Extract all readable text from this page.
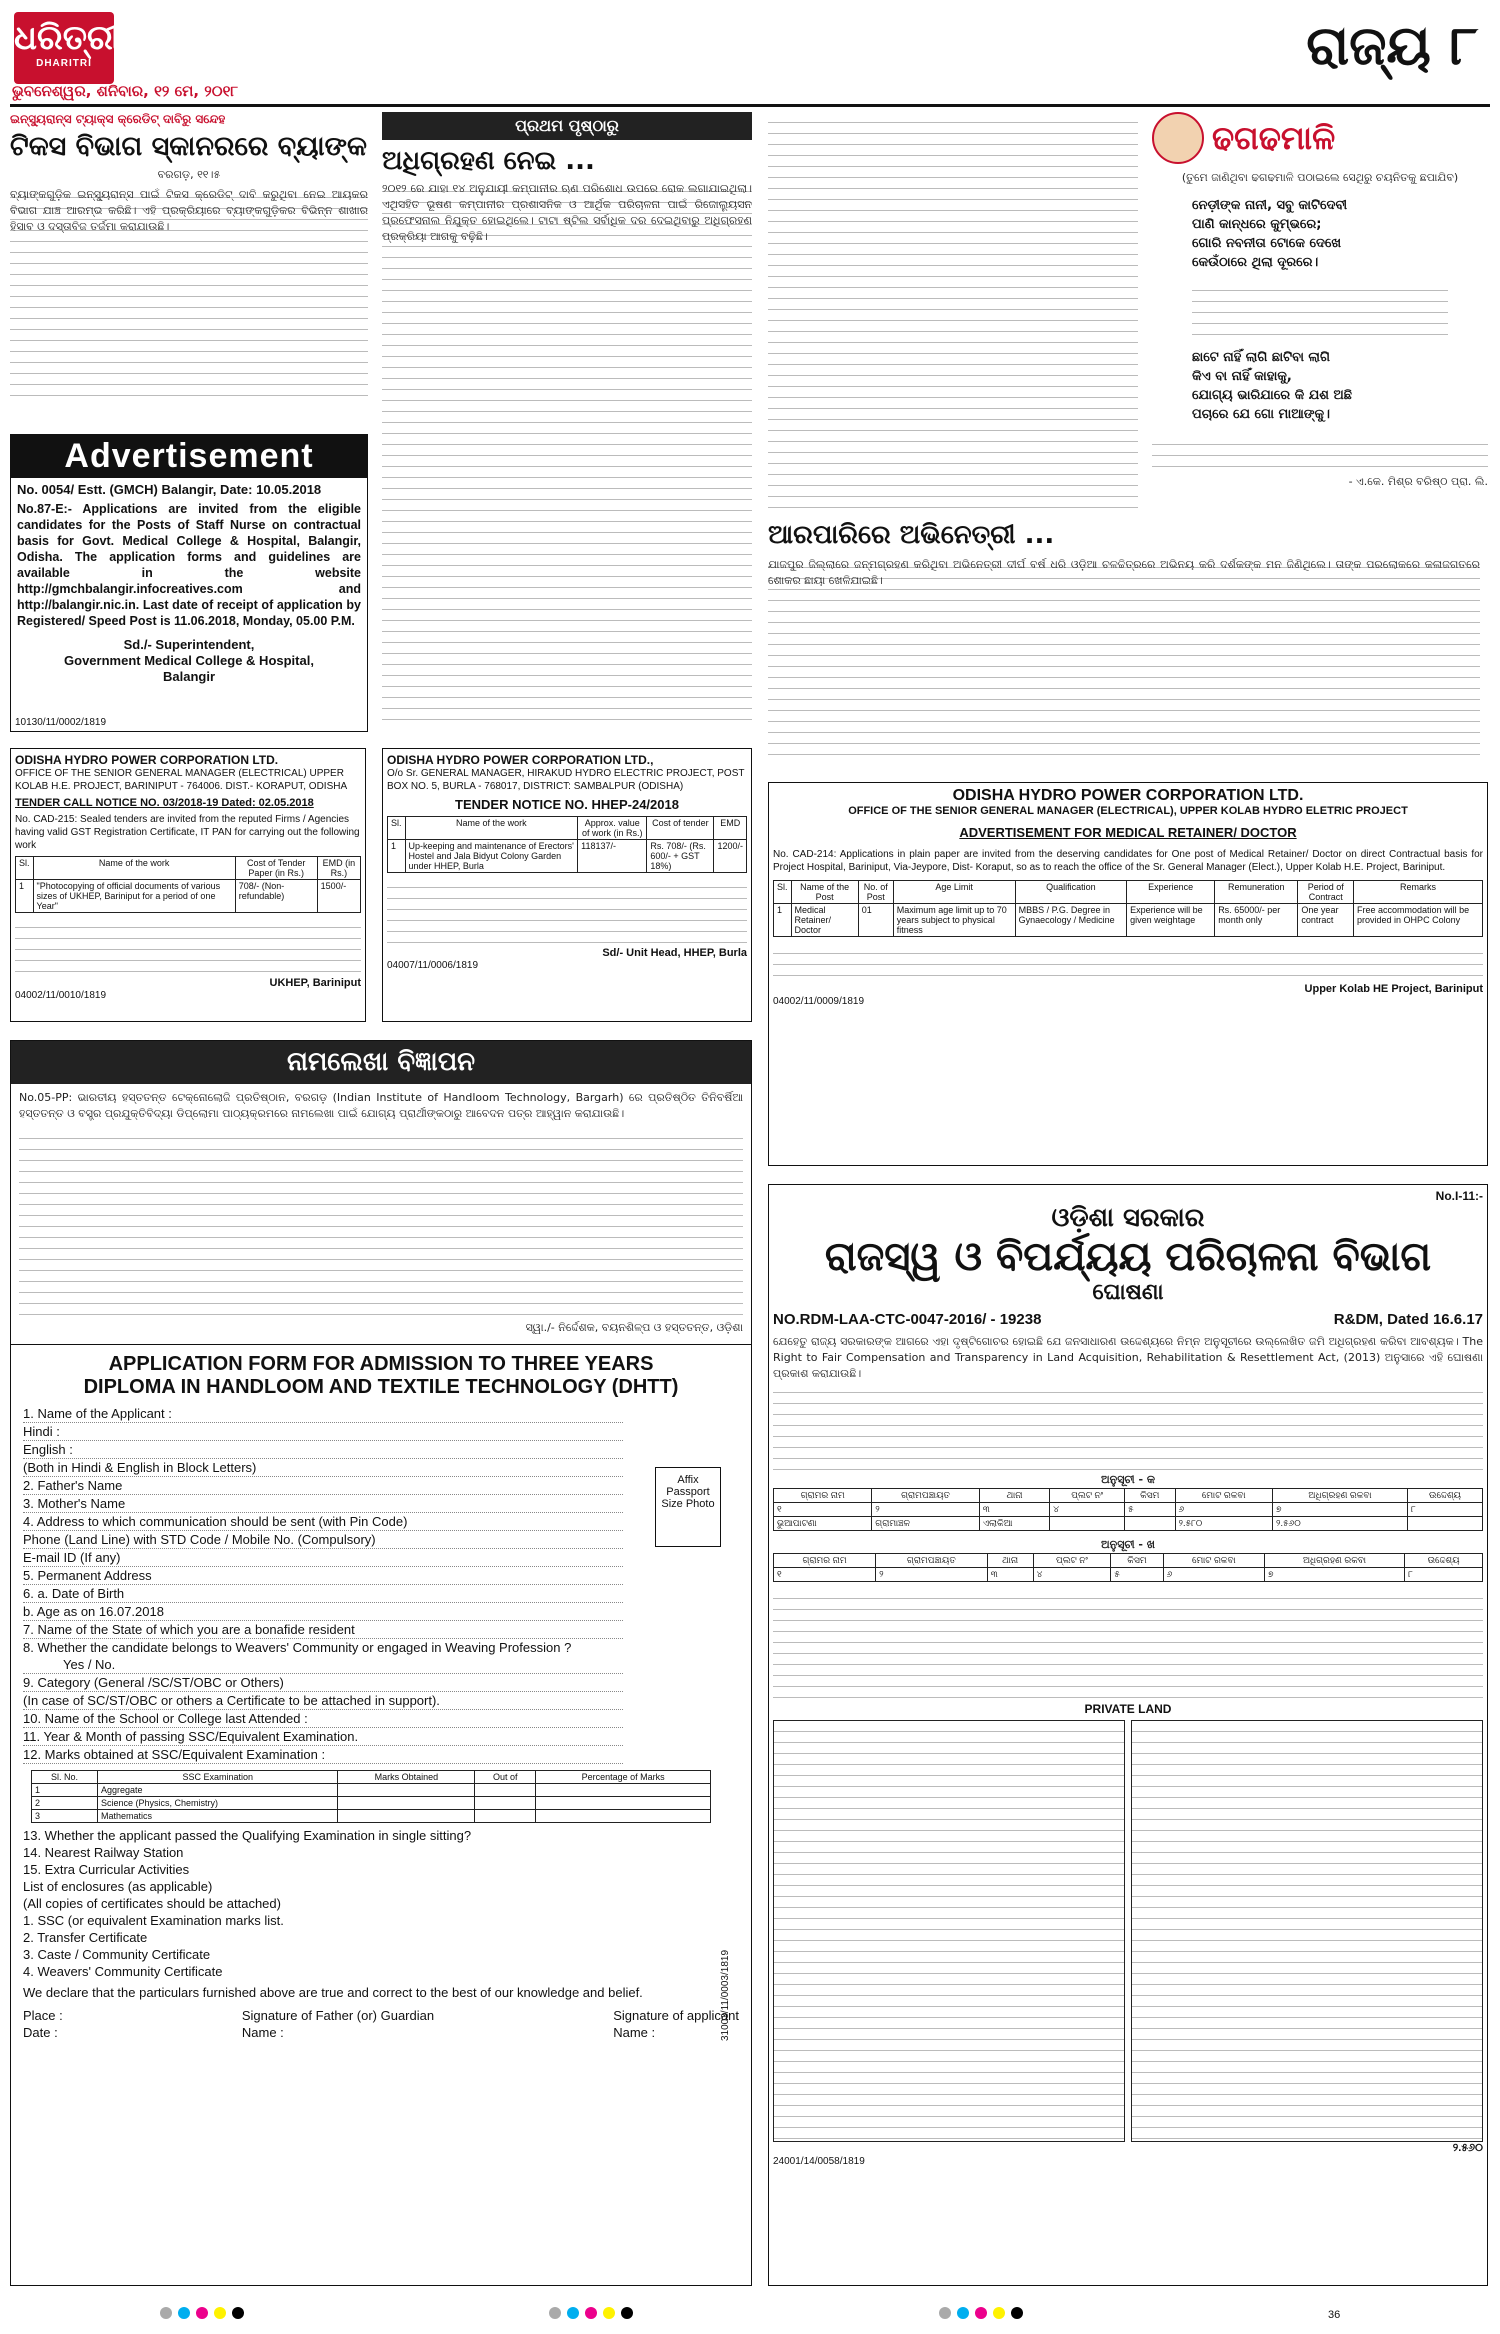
ଧରିତ୍ରୀ
DHARITRI
ଭୁବନେଶ୍ୱର, ଶନିବାର, ୧୨ ମେ, ୨୦୧୮
ରାଜ୍ୟ ୮
ଇନ୍ସ୍ୟୁରାନ୍ସ ଟ୍ୟାକ୍ସ କ୍ରେଡିଟ୍ ଦାବିରୁ ସନ୍ଦେହ
ଟିକସ ବିଭାଗ ସ୍କାନରରେ ବ୍ୟାଙ୍କ
ବରଗଡ଼, ୧୧।୫
ବ୍ୟାଙ୍କଗୁଡ଼ିକ ଇନ୍ସ୍ୟୁରାନ୍ସ ପାଇଁ ଟିକସ କ୍ରେଡିଟ୍ ଦାବି କରୁଥିବା ନେଇ ଆୟକର ବିଭାଗ ଯାଞ୍ଚ ଆରମ୍ଭ କରିଛି। ଏହି ପ୍ରକ୍ରିୟାରେ ବ୍ୟାଙ୍କଗୁଡ଼ିକର ବିଭିନ୍ନ ଶାଖାର ହିସାବ ଓ ଦସ୍ତାବିଜ ତର୍ଜମା କରାଯାଉଛି।
Advertisement
No. 0054/ Estt. (GMCH) Balangir, Date: 10.05.2018
No.87-E:- Applications are invited from the eligible candidates for the Posts of Staff Nurse on contractual basis for Govt. Medical College & Hospital, Balangir, Odisha. The application forms and guidelines are available in the website http://gmchbalangir.infocreatives.com and http://balangir.nic.in. Last date of receipt of application by Registered/ Speed Post is 11.06.2018, Monday, 05.00 P.M.
Sd./- Superintendent,
Government Medical College & Hospital,
Balangir
10130/11/0002/1819
ପ୍ରଥମ ପୃଷ୍ଠାରୁ
ଅଧିଗ୍ରହଣ ନେଇ ...
୨୦୧୨ ରେ ଯାହା ୧୪ ଅନୁଯାୟୀ କମ୍ପାନୀର ଋଣ ପରିଶୋଧ ଉପରେ ରୋକ ଲଗାଯାଇଥିଲା। ଏଥିସହିତ ଭୂଷଣ କମ୍ପାନୀର ପ୍ରଶାସନିକ ଓ ଆର୍ଥିକ ପରିଚାଳନା ପାଇଁ ରିଜୋଲ୍ୟୁସନ ପ୍ରଫେସନାଲ ନିଯୁକ୍ତ ହୋଇଥିଲେ। ଟାଟା ଷ୍ଟିଲ ସର୍ବାଧିକ ଦର ଦେଇଥିବାରୁ ଅଧିଗ୍ରହଣ ପ୍ରକ୍ରିୟା ଆଗକୁ ବଢ଼ିଛି।
ଆରପାରିରେ ଅଭିନେତ୍ରୀ ...
ଯାଜପୁର ଜିଲ୍ଲାରେ ଜନ୍ମଗ୍ରହଣ କରିଥିବା ଅଭିନେତ୍ରୀ ଦୀର୍ଘ ବର୍ଷ ଧରି ଓଡ଼ିଆ ଚଳଚ୍ଚିତ୍ରରେ ଅଭିନୟ କରି ଦର୍ଶକଙ୍କ ମନ ଜିଣିଥିଲେ। ତାଙ୍କ ପରଲୋକରେ କଳାଜଗତରେ ଶୋକର ଛାୟା ଖେଳିଯାଇଛି।
ଢଗଢମାଳି
(ତୁମେ ଜାଣିଥିବା ଢଗଢମାଳି ପଠାଇଲେ ସେଥିରୁ ଚୟନିତକୁ ଛପାଯିବ)
ନେଡ଼ୀଙ୍କ ନାନୀ, ସବୁ କାଟିଦେବୀ
ପାଣି କାନ୍ଧରେ କୁମ୍ଭରେ;
ଗୋରି ନବନୀତା ଟୋକେ ଦେଖେ
କେଉଁଠାରେ ଥିଲା ଦୂରରେ।
ଛାଟେ ନାହିଁ ଲାଗି ଛାଟିବା ଲାଗି
କିଏ ବା ନାହିଁ କାହାକୁ,
ଯୋଗ୍ୟ ଭାରିଯାରେ କି ଯଶ ଅଛି
ପଚାରେ ଯେ ଗୋ ମାଆଙ୍କୁ।
- ଏ.କେ. ମିଶ୍ର ବରିଷ୍ଠ ପ୍ରା. ଲି.
ODISHA HYDRO POWER CORPORATION LTD.
OFFICE OF THE SENIOR GENERAL MANAGER (ELECTRICAL) UPPER KOLAB H.E. PROJECT, BARINIPUT - 764006. DIST.- KORAPUT, ODISHA
TENDER CALL NOTICE NO. 03/2018-19 Dated: 02.05.2018
No. CAD-215: Sealed tenders are invited from the reputed Firms / Agencies having valid GST Registration Certificate, IT PAN for carrying out the following work
Sl.	Name of the work	Cost of Tender Paper (in Rs.)	EMD (in Rs.)
1	"Photocopying of official documents of various sizes of UKHEP, Bariniput for a period of one Year"	708/- (Non-refundable)	1500/-
UKHEP, Bariniput
04002/11/0010/1819
ODISHA HYDRO POWER CORPORATION LTD.,
O/o Sr. GENERAL MANAGER, HIRAKUD HYDRO ELECTRIC PROJECT, POST BOX NO. 5, BURLA - 768017, DISTRICT: SAMBALPUR (ODISHA)
TENDER NOTICE NO. HHEP-24/2018
Sl.	Name of the work	Approx. value of work (in Rs.)	Cost of tender	EMD
1	Up-keeping and maintenance of Erectors' Hostel and Jala Bidyut Colony Garden under HHEP, Burla	118137/-	Rs. 708/- (Rs. 600/- + GST 18%)	1200/-
Sd/- Unit Head, HHEP, Burla
04007/11/0006/1819
ODISHA HYDRO POWER CORPORATION LTD.
OFFICE OF THE SENIOR GENERAL MANAGER (ELECTRICAL), UPPER KOLAB HYDRO ELETRIC PROJECT
ADVERTISEMENT FOR MEDICAL RETAINER/ DOCTOR
No. CAD-214: Applications in plain paper are invited from the deserving candidates for One post of Medical Retainer/ Doctor on direct Contractual basis for Project Hospital, Bariniput, Via-Jeypore, Dist- Koraput, so as to reach the office of the Sr. General Manager (Elect.), Upper Kolab H.E. Project, Bariniput.
Sl.	Name of the Post	No. of Post	Age Limit	Qualification	Experience	Remuneration	Period of Contract	Remarks
1	Medical Retainer/ Doctor	01	Maximum age limit up to 70 years subject to physical fitness	MBBS / P.G. Degree in Gynaecology / Medicine	Experience will be given weightage	Rs. 65000/- per month only	One year contract	Free accommodation will be provided in OHPC Colony
Upper Kolab HE Project, Bariniput
04002/11/0009/1819
ନାମଲେଖା ବିଜ୍ଞାପନ
No.05-PP: ଭାରତୀୟ ହସ୍ତତନ୍ତ ଟେକ୍ନୋଲୋଜି ପ୍ରତିଷ୍ଠାନ, ବରଗଡ଼ (Indian Institute of Handloom Technology, Bargarh) ରେ ପ୍ରତିଷ୍ଠିତ ତିନିବର୍ଷିଆ ହସ୍ତତନ୍ତ ଓ ବସ୍ତ୍ର ପ୍ରଯୁକ୍ତିବିଦ୍ୟା ଡିପ୍ଲୋମା ପାଠ୍ୟକ୍ରମରେ ନାମଲେଖା ପାଇଁ ଯୋଗ୍ୟ ପ୍ରାର୍ଥୀଙ୍କଠାରୁ ଆବେଦନ ପତ୍ର ଆହ୍ୱାନ କରାଯାଉଛି।
ସ୍ୱା./- ନିର୍ଦ୍ଦେଶକ, ବୟନଶିଳ୍ପ ଓ ହସ୍ତତନ୍ତ, ଓଡ଼ିଶା
APPLICATION FORM FOR ADMISSION TO THREE YEARS
DIPLOMA IN HANDLOOM AND TEXTILE TECHNOLOGY (DHTT)
Affix Passport Size Photo
1. Name of the Applicant :
Hindi :
English :
(Both in Hindi & English in Block Letters)
2. Father's Name
3. Mother's Name
4. Address to which communication should be sent (with Pin Code)
Phone (Land Line) with STD Code / Mobile No. (Compulsory)
E-mail ID (If any)
5. Permanent Address
6. a. Date of Birth
b. Age as on 16.07.2018
7. Name of the State of which you are a bonafide resident
8. Whether the candidate belongs to Weavers' Community or engaged in Weaving Profession ?Yes / No.
9. Category (General /SC/ST/OBC or Others)
(In case of SC/ST/OBC or others a Certificate to be attached in support).
10. Name of the School or College last Attended :
11. Year & Month of passing SSC/Equivalent Examination.
12. Marks obtained at SSC/Equivalent Examination :
Sl. No.	SSC Examination	Marks Obtained	Out of	Percentage of Marks
1	Aggregate			
2	Science (Physics, Chemistry)			
3	Mathematics			
13. Whether the applicant passed the Qualifying Examination in single sitting?
14. Nearest Railway Station
15. Extra Curricular Activities
List of enclosures (as applicable)
(All copies of certificates should be attached)
1. SSC (or equivalent Examination marks list.
2. Transfer Certificate
3. Caste / Community Certificate
4. Weavers' Community Certificate
We declare that the particulars furnished above are true and correct to the best of our knowledge and belief.
Place :
Date :
Signature of Father (or) Guardian
Name :
Signature of applicant
Name :	31003/11/0003/1819
No.I-11:-
ଓଡ଼ିଶା ସରକାର
ରାଜସ୍ୱ ଓ ବିପର୍ଯ୍ୟୟ ପରିଚାଳନା ବିଭାଗ
ଘୋଷଣା
NO.RDM-LAA-CTC-0047-2016/ - 19238	R&DM, Dated 16.6.17
ଯେହେତୁ ରାଜ୍ୟ ସରକାରଙ୍କ ଆଗରେ ଏହା ଦୃଷ୍ଟିଗୋଚର ହୋଇଛି ଯେ ଜନସାଧାରଣ ଉଦ୍ଦେଶ୍ୟରେ ନିମ୍ନ ଅନୁସୂଚୀରେ ଉଲ୍ଲେଖିତ ଜମି ଅଧିଗ୍ରହଣ କରିବା ଆବଶ୍ୟକ। The Right to Fair Compensation and Transparency in Land Acquisition, Rehabilitation & Resettlement Act, (2013) ଅନୁସାରେ ଏହି ଘୋଷଣା ପ୍ରକାଶ କରାଯାଉଛି।
ଅନୁସୂଚୀ - କ
ଗ୍ରାମର ନାମ	ଗ୍ରାମପଞ୍ଚାୟତ	ଥାନା	ପ୍ଲଟ ନଂ	କିସମ	ମୋଟ ରକବା	ଅଧିଗ୍ରହଣ ରକବା	ଉଦ୍ଦେଶ୍ୟ
୧	୨	୩	୪	୫	୬	୭	୮
ଭୁଆପାଟଣା	ଗ୍ରାମାଞ୍ଚଳ	ଏଲାକିଆ			୨.୫୮୦	୨.୫୬୦	
ଅନୁସୂଚୀ - ଖ
ଗ୍ରାମର ନାମ	ଗ୍ରାମପଞ୍ଚାୟତ	ଥାନା	ପ୍ଲଟ ନଂ	କିସମ	ମୋଟ ରକବା	ଅଧିଗ୍ରହଣ ରକବା	ଉଦ୍ଦେଶ୍ୟ
୧	୨	୩	୪	୫	୬	୭	୮
PRIVATE LAND
୨.୫୬୦
24001/14/0058/1819
36
